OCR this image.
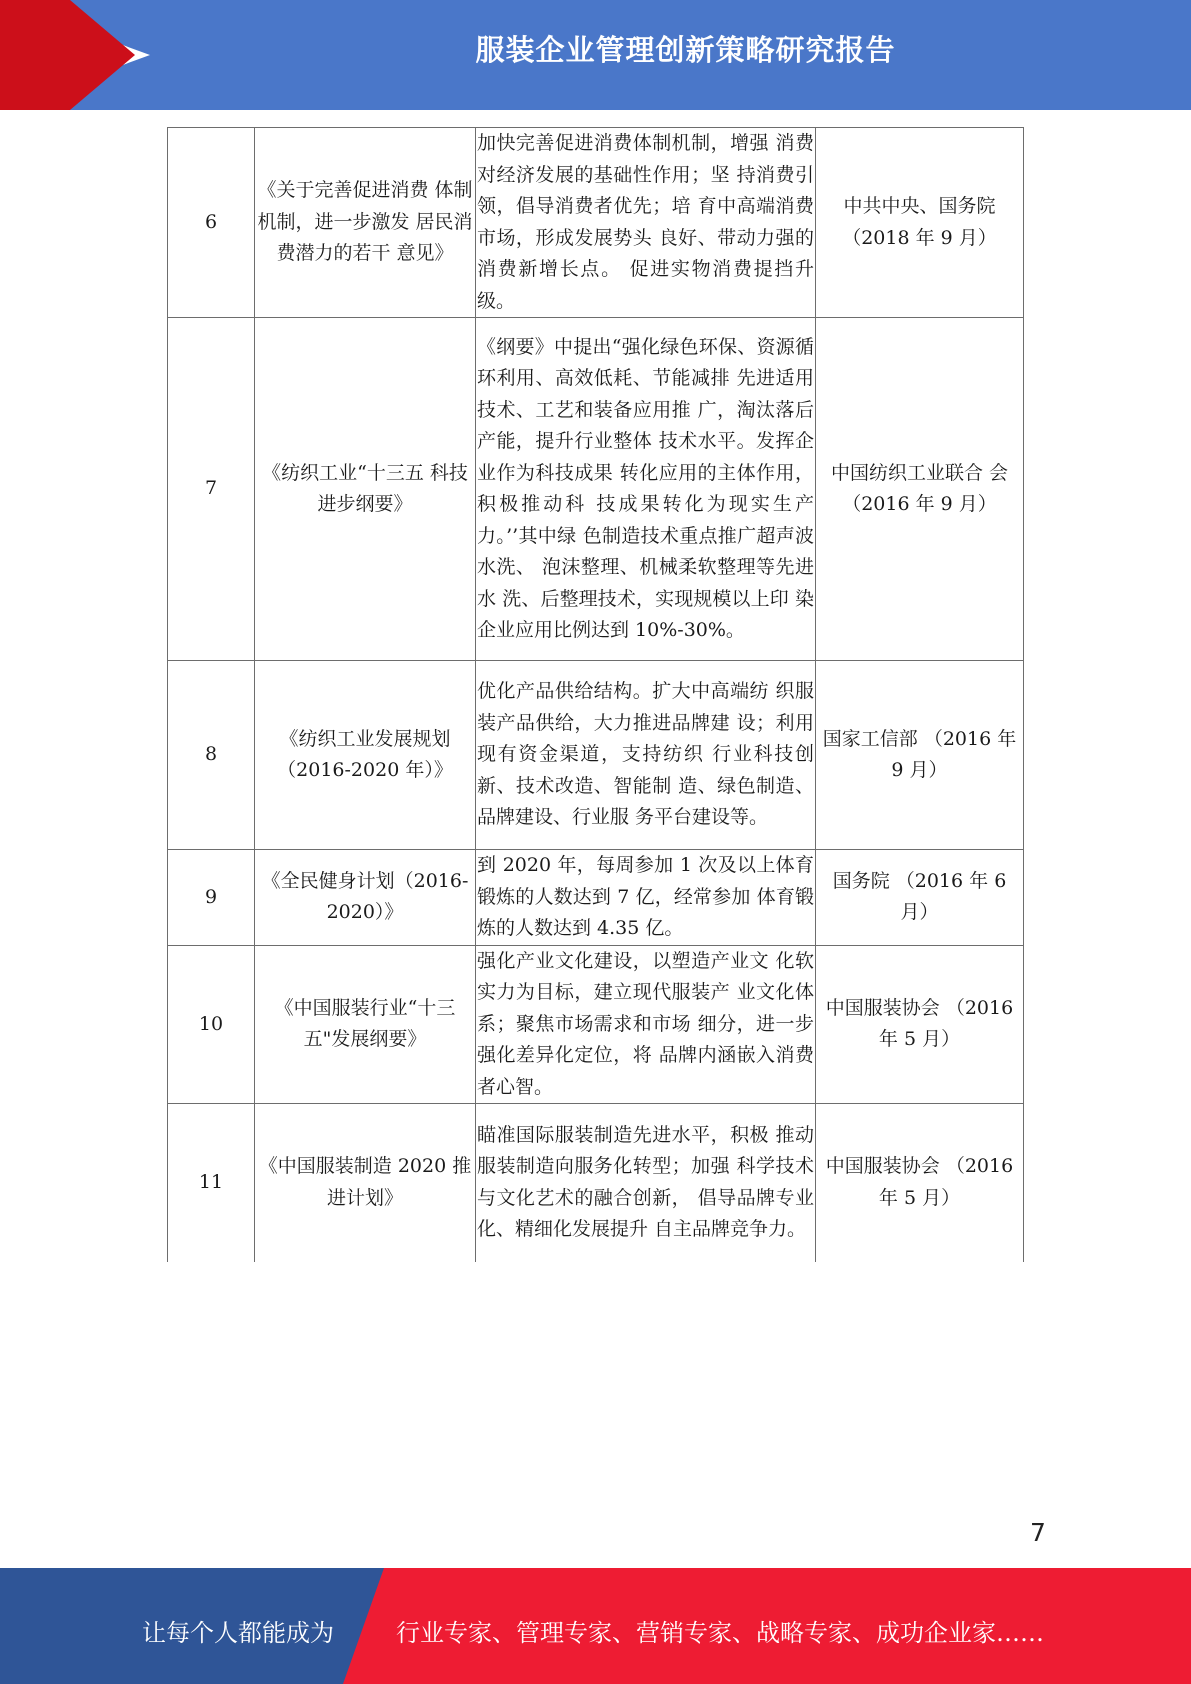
服装企业管理创新策略研究报告
6	《关于完善促进消费 体制机制，进一步激发 居民消费潜力的若干 意见》	加快完善促进消费体制机制，增强 消费对经济发展的基础性作用；坚 持消费引领，倡导消费者优先；培 育中高端消费市场，形成发展势头 良好、带动力强的消费新增长点。 促进实物消费提挡升级。	中共中央、国务院（2018 年 9 月）
7	《纺织工业“十三五 科技进步纲要》	《纲要》中提出“强化绿色环保、资源循环利用、高效低耗、节能减排 先进适用技术、工艺和装备应用推 广，淘汰落后产能，提升行业整体 技术水平。发挥企业作为科技成果 转化应用的主体作用，积极推动科 技成果转化为现实生产力。’’其中绿 色制造技术重点推广超声波水洗、 泡沫整理、机械柔软整理等先进水 洗、后整理技术，实现规模以上印 染企业应用比例达到 10%-30%。	中国纺织工业联合 会（2016 年 9 月）
8	《纺织工业发展规划（2016-2020 年）》	优化产品供给结构。扩大中高端纺 织服装产品供给，大力推进品牌建 设；利用现有资金渠道，支持纺织 行业科技创新、技术改造、智能制 造、绿色制造、品牌建设、行业服 务平台建设等。	国家工信部 （2016 年 9 月）
9	《全民健身计划（2016-2020）》	到 2020 年，每周参加 1 次及以上体育锻炼的人数达到 7 亿，经常参加 体育锻炼的人数达到 4.35 亿。	国务院 （2016 年 6 月）
10	《中国服装行业“十三 五"发展纲要》	强化产业文化建设，以塑造产业文 化软实力为目标，建立现代服装产 业文化体系；聚焦市场需求和市场 细分，进一步强化差异化定位，将 品牌内涵嵌入消费者心智。	中国服装协会 （2016 年 5 月）
11	《中国服装制造 2020 推进计划》	瞄准国际服装制造先进水平，积极 推动服装制造向服务化转型；加强 科学技术与文化艺术的融合创新， 倡导品牌专业化、精细化发展提升 自主品牌竞争力。	中国服装协会 （2016 年 5 月）
7
让每个人都能成为	行业专家、管理专家、营销专家、战略专家、成功企业家……
